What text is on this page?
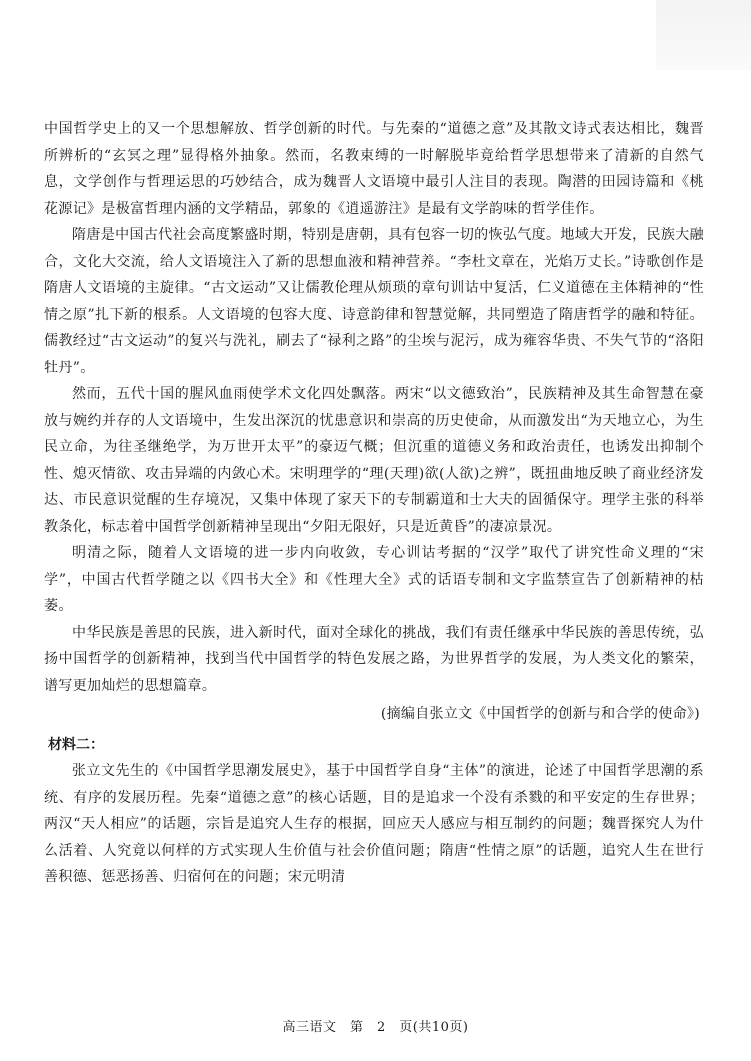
中国哲学史上的又一个思想解放、哲学创新的时代。与先秦的“道德之意”及其散文诗式表达相比，魏晋所辨析的“玄冥之理”显得格外抽象。然而，名教束缚的一时解脱毕竟给哲学思想带来了清新的自然气息，文学创作与哲理运思的巧妙结合，成为魏晋人文语境中最引人注目的表现。陶潜的田园诗篇和《桃花源记》是极富哲理内涵的文学精品，郭象的《逍遥游注》是最有文学韵味的哲学佳作。

隋唐是中国古代社会高度繁盛时期，特别是唐朝，具有包容一切的恢弘气度。地域大开发，民族大融合，文化大交流，给人文语境注入了新的思想血液和精神营养。“李杜文章在，光焰万丈长。”诗歌创作是隋唐人文语境的主旋律。“古文运动”又让儒教伦理从烦琐的章句训诂中复活，仁义道德在主体精神的“性情之原”扎下新的根系。人文语境的包容大度、诗意韵律和智慧觉解，共同塑造了隋唐哲学的融和特征。儒教经过“古文运动”的复兴与洗礼，刷去了“禄利之路”的尘埃与泥污，成为雍容华贵、不失气节的“洛阳牡丹”。

然而，五代十国的腥风血雨使学术文化四处飘落。两宋“以文德致治”，民族精神及其生命智慧在豪放与婉约并存的人文语境中，生发出深沉的忧患意识和崇高的历史使命，从而激发出“为天地立心，为生民立命，为往圣继绝学，为万世开太平”的豪迈气概；但沉重的道德义务和政治责任，也诱发出抑制个性、熄灭情欲、攻击异端的内敛心术。宋明理学的“理(天理)欲(人欲)之辨”，既扭曲地反映了商业经济发达、市民意识觉醒的生存境况，又集中体现了家天下的专制霸道和士大夫的固循保守。理学主张的科举教条化，标志着中国哲学创新精神呈现出“夕阳无限好，只是近黄昏”的凄凉景况。

明清之际，随着人文语境的进一步内向收敛，专心训诂考据的“汉学”取代了讲究性命义理的“宋学”，中国古代哲学随之以《四书大全》和《性理大全》式的话语专制和文字监禁宣告了创新精神的枯萎。

中华民族是善思的民族，进入新时代，面对全球化的挑战，我们有责任继承中华民族的善思传统，弘扬中国哲学的创新精神，找到当代中国哲学的特色发展之路，为世界哲学的发展，为人类文化的繁荣，谱写更加灿烂的思想篇章。

(摘编自张立文《中国哲学的创新与和合学的使命》)

材料二：

张立文先生的《中国哲学思潮发展史》，基于中国哲学自身“主体”的演进，论述了中国哲学思潮的系统、有序的发展历程。先秦“道德之意”的核心话题，目的是追求一个没有杀戮的和平安定的生存世界；两汉“天人相应”的话题，宗旨是追究人生存的根据，回应天人感应与相互制约的问题；魏晋探究人为什么活着、人究竟以何样的方式实现人生价值与社会价值问题；隋唐“性情之原”的话题，追究人生在世行善积德、惩恶扬善、归宿何在的问题；宋元明清

高三语文　第　2　页(共10页)
